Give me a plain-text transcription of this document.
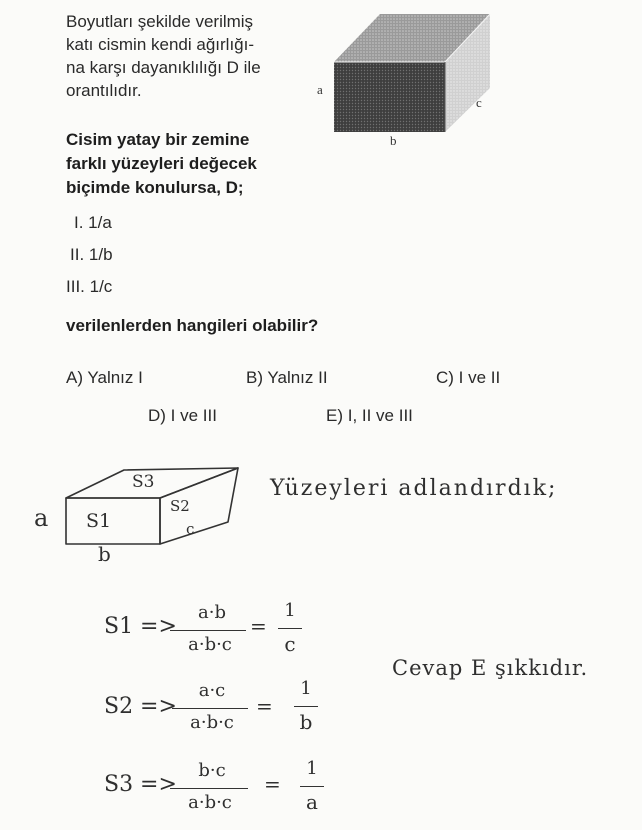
Boyutları şekilde verilmiş
katı cismin kendi ağırlığı-
na karşı dayanıklılığı D ile
orantılıdır.	a
b
c
Cisim yatay bir zemine
farklı yüzeyleri değecek
biçimde konulursa, D;
I. 1/a
II. 1/b
III. 1/c
verilenlerden hangileri olabilir?
A) Yalnız I	B) Yalnız II	C) I ve II
D) I ve III	E) I, II ve III
S3
S2
S1	c
a
b
Yüzeyleri adlandırdık;
S1 =>
a·b
a·b·c
=
1
c
Cevap E şıkkıdır.
S2 =>
a·c
a·b·c
=
1
b
S3 =>
b·c
a·b·c
=
1
a
